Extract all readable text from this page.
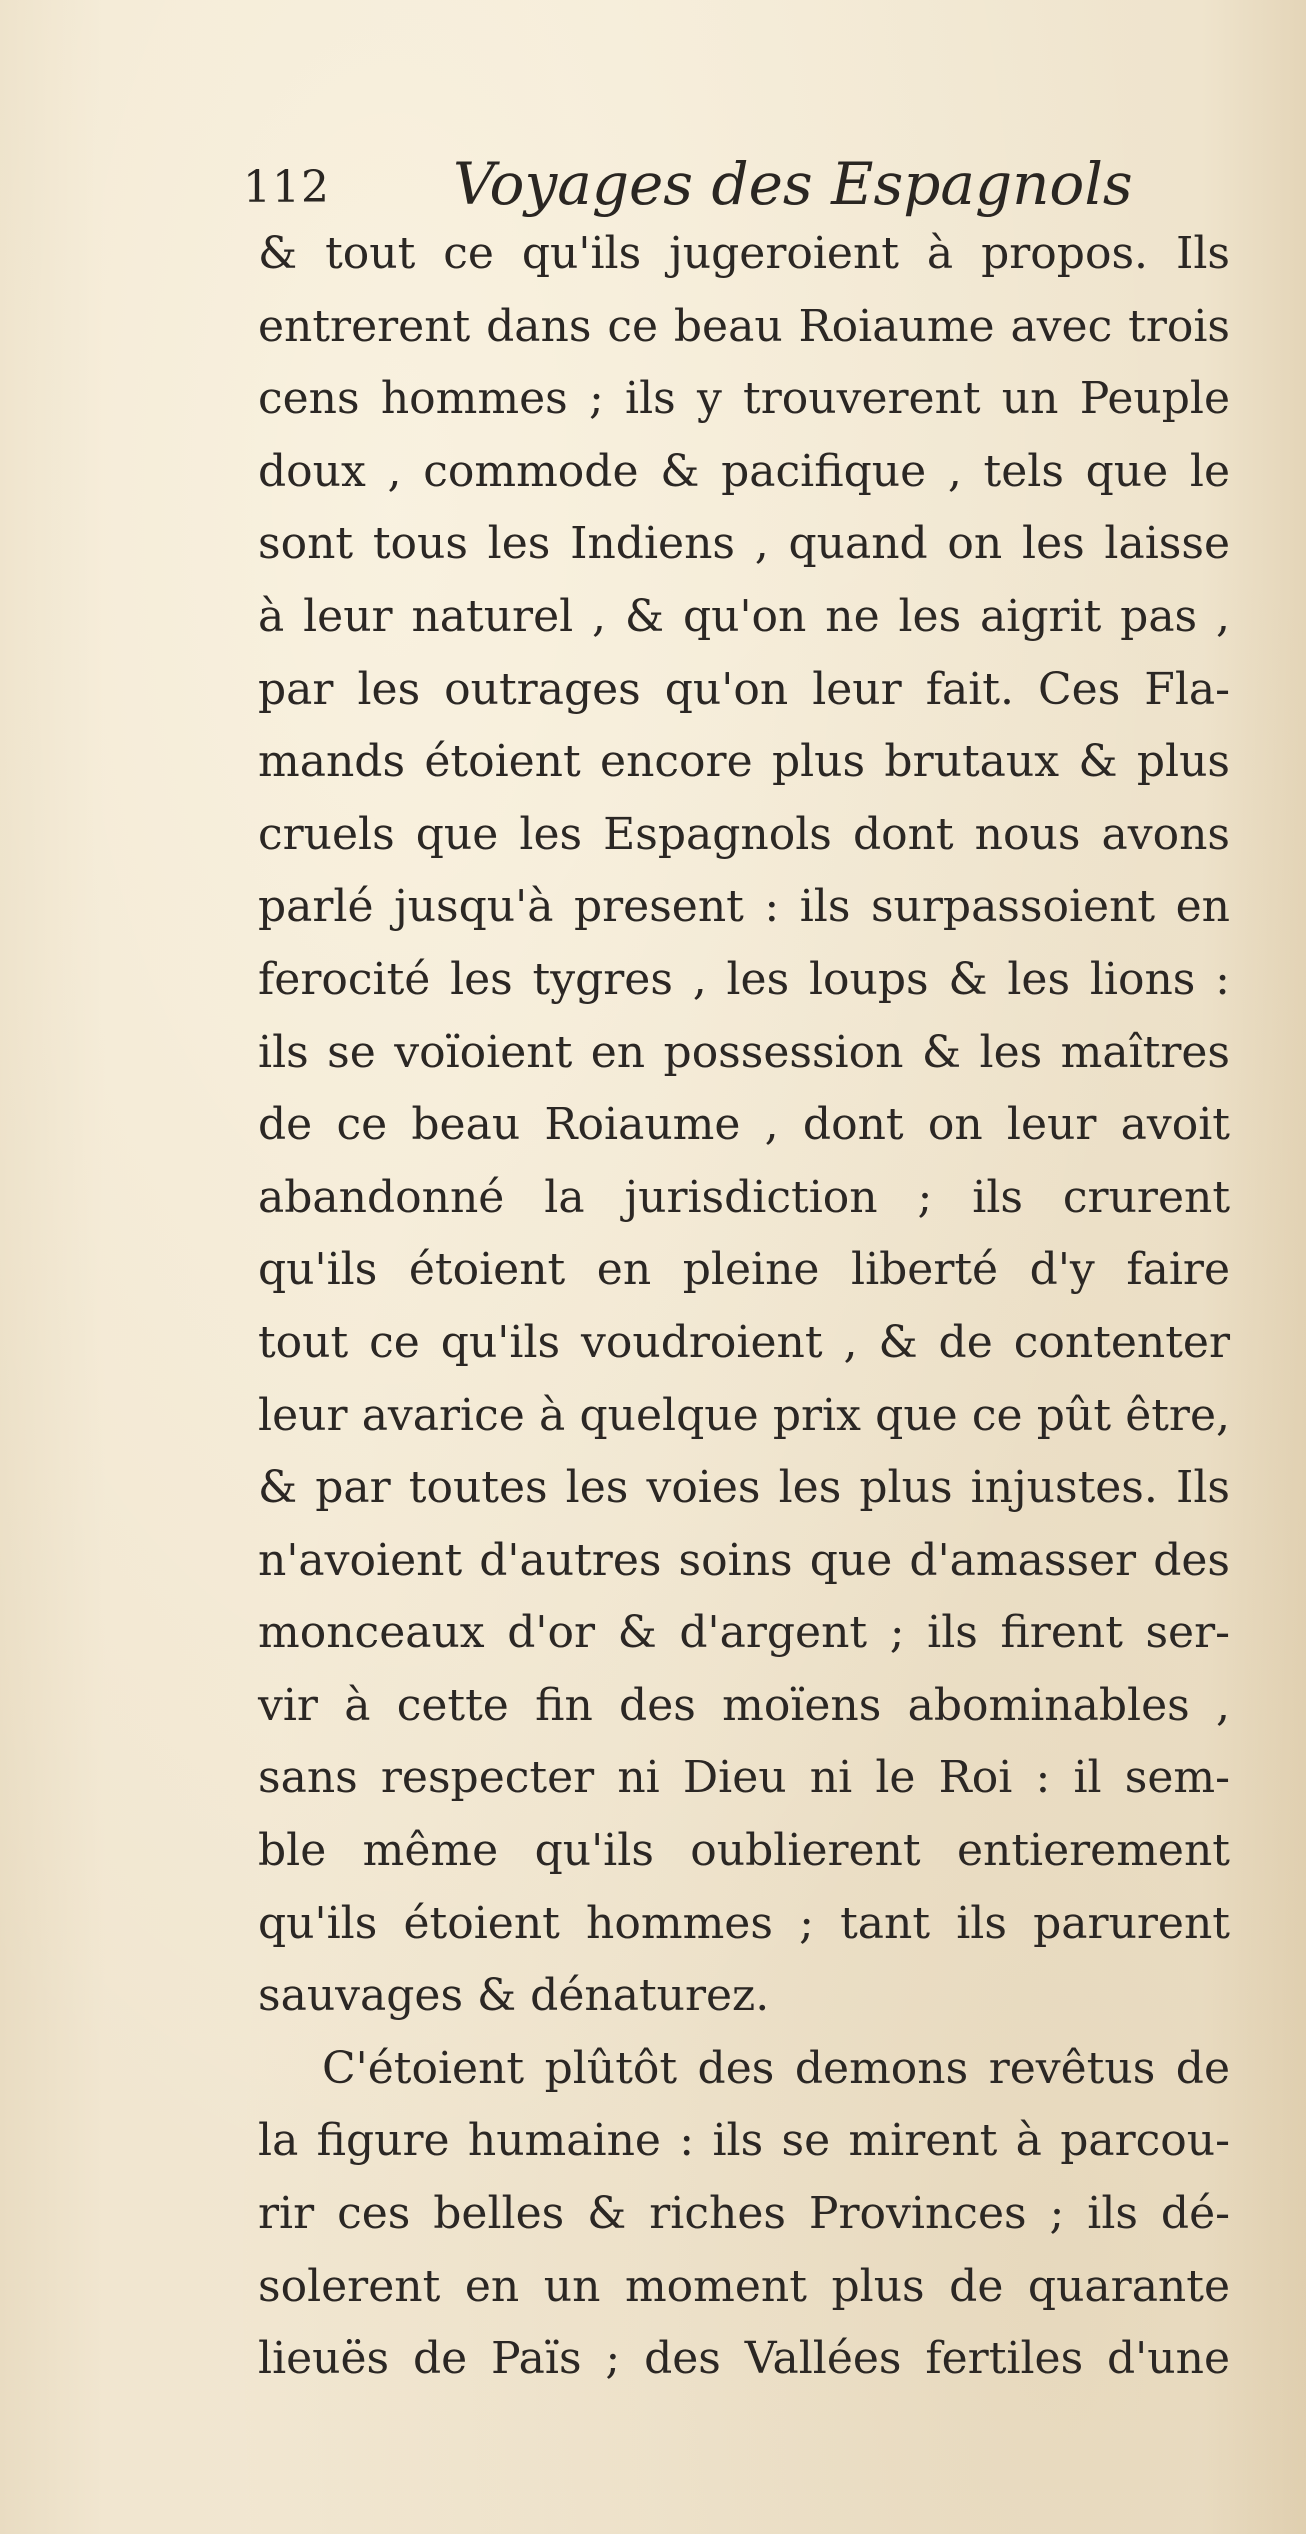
112 Voyages des Espagnols
& tout ce qu'ils jugeroient à propos. Ils
entrerent dans ce beau Roiaume avec trois
cens hommes ; ils y trouverent un Peuple
doux , commode & pacifique , tels que le
sont tous les Indiens , quand on les laisse
à leur naturel , & qu'on ne les aigrit pas ,
par les outrages qu'on leur fait. Ces Fla-
mands étoient encore plus brutaux & plus
cruels que les Espagnols dont nous avons
parlé jusqu'à present : ils surpassoient en
ferocité les tygres , les loups & les lions :
ils se voïoient en possession & les maîtres
de ce beau Roiaume , dont on leur avoit
abandonné la jurisdiction ; ils crurent
qu'ils étoient en pleine liberté d'y faire
tout ce qu'ils voudroient , & de contenter
leur avarice à quelque prix que ce pût être,
& par toutes les voies les plus injustes. Ils
n'avoient d'autres soins que d'amasser des
monceaux d'or & d'argent ; ils firent ser-
vir à cette fin des moïens abominables ,
sans respecter ni Dieu ni le Roi : il sem-
ble même qu'ils oublierent entierement
qu'ils étoient hommes ; tant ils parurent
sauvages & dénaturez.
C'étoient plûtôt des demons revêtus de
la figure humaine : ils se mirent à parcou-
rir ces belles & riches Provinces ; ils dé-
solerent en un moment plus de quarante
lieuës de Païs ; des Vallées fertiles d'une
